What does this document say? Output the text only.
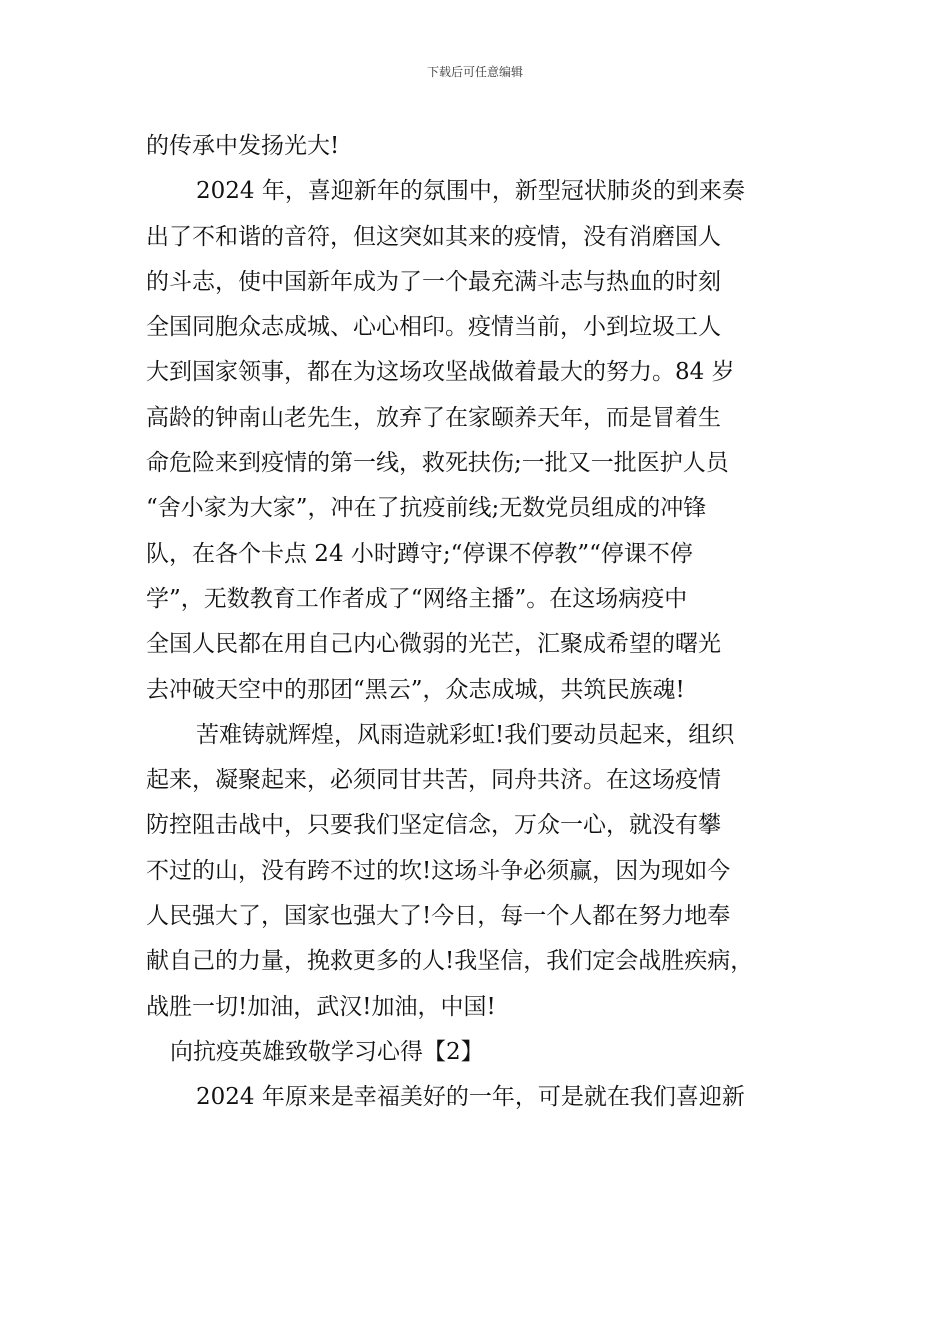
下载后可任意编辑
的传承中发扬光大!
2024 年，喜迎新年的氛围中，新型冠状肺炎的到来奏
出了不和谐的音符，但这突如其来的疫情，没有消磨国人
的斗志，使中国新年成为了一个最充满斗志与热血的时刻
全国同胞众志成城、心心相印。疫情当前，小到垃圾工人
大到国家领事，都在为这场攻坚战做着最大的努力。84 岁
高龄的钟南山老先生，放弃了在家颐养天年，而是冒着生
命危险来到疫情的第一线，救死扶伤;一批又一批医护人员
“舍小家为大家”，冲在了抗疫前线;无数党员组成的冲锋
队，在各个卡点 24 小时蹲守;“停课不停教”“停课不停
学”，无数教育工作者成了“网络主播”。在这场病疫中
全国人民都在用自己内心微弱的光芒，汇聚成希望的曙光
去冲破天空中的那团“黑云”，众志成城，共筑民族魂!
苦难铸就辉煌，风雨造就彩虹!我们要动员起来，组织
起来，凝聚起来，必须同甘共苦，同舟共济。在这场疫情
防控阻击战中，只要我们坚定信念，万众一心，就没有攀
不过的山，没有跨不过的坎!这场斗争必须赢，因为现如今
人民强大了，国家也强大了!今日，每一个人都在努力地奉
献自己的力量，挽救更多的人!我坚信，我们定会战胜疾病，
战胜一切!加油，武汉!加油，中国!
向抗疫英雄致敬学习心得【2】
2024 年原来是幸福美好的一年，可是就在我们喜迎新
